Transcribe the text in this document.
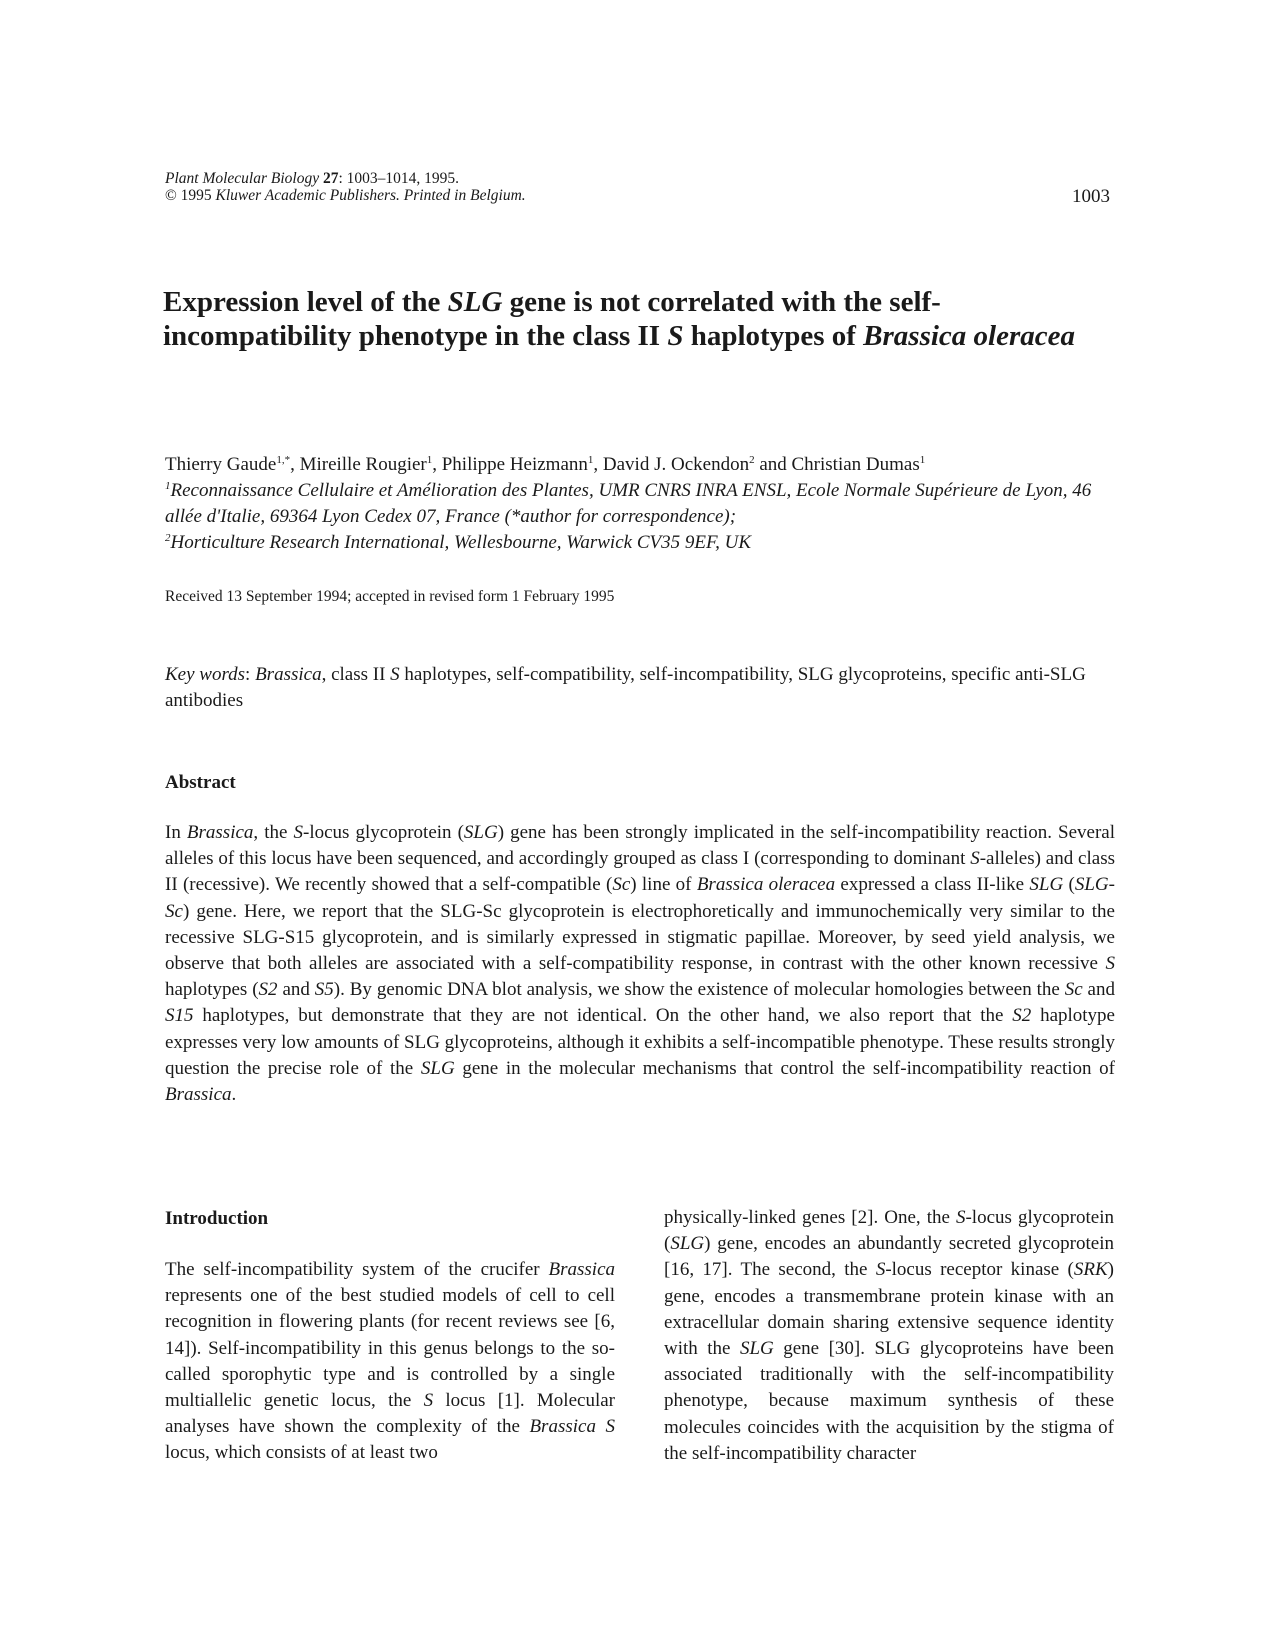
Plant Molecular Biology 27: 1003–1014, 1995.
© 1995 Kluwer Academic Publishers. Printed in Belgium.	1003
Expression level of the SLG gene is not correlated with the self-incompatibility phenotype in the class II S haplotypes of Brassica oleracea
Thierry Gaude$^{1,*}$, Mireille Rougier$^1$, Philippe Heizmann$^1$, David J. Ockendon$^2$ and Christian Dumas$^1$
$^1$Reconnaissance Cellulaire et Amélioration des Plantes, UMR CNRS INRA ENSL, Ecole Normale Supérieure de Lyon, 46 allée d'Italie, 69364 Lyon Cedex 07, France (*author for correspondence);
$^2$Horticulture Research International, Wellesbourne, Warwick CV35 9EF, UK
Received 13 September 1994; accepted in revised form 1 February 1995
Key words: Brassica, class II S haplotypes, self-compatibility, self-incompatibility, SLG glycoproteins, specific anti-SLG antibodies
Abstract

In Brassica, the S-locus glycoprotein (SLG) gene has been strongly implicated in the self-incompatibility reaction. Several alleles of this locus have been sequenced, and accordingly grouped as class I (corresponding to dominant S-alleles) and class II (recessive). We recently showed that a self-compatible (Sc) line of Brassica oleracea expressed a class II-like SLG (SLG-Sc) gene. Here, we report that the SLG-Sc glycoprotein is electrophoretically and immunochemically very similar to the recessive SLG-S15 glycoprotein, and is similarly expressed in stigmatic papillae. Moreover, by seed yield analysis, we observe that both alleles are associated with a self-compatibility response, in contrast with the other known recessive S haplotypes (S2 and S5). By genomic DNA blot analysis, we show the existence of molecular homologies between the Sc and S15 haplotypes, but demonstrate that they are not identical. On the other hand, we also report that the S2 haplotype expresses very low amounts of SLG glycoproteins, although it exhibits a self-incompatible phenotype. These results strongly question the precise role of the SLG gene in the molecular mechanisms that control the self-incompatibility reaction of Brassica.

Introduction

The self-incompatibility system of the crucifer Brassica represents one of the best studied models of cell to cell recognition in flowering plants (for recent reviews see [6, 14]). Self-incompatibility in this genus belongs to the so-called sporophytic type and is controlled by a single multiallelic genetic locus, the S locus [1]. Molecular analyses have shown the complexity of the Brassica S locus, which consists of at least two

physically-linked genes [2]. One, the S-locus glycoprotein (SLG) gene, encodes an abundantly secreted glycoprotein [16, 17]. The second, the S-locus receptor kinase (SRK) gene, encodes a transmembrane protein kinase with an extracellular domain sharing extensive sequence identity with the SLG gene [30]. SLG glycoproteins have been associated traditionally with the self-incompatibility phenotype, because maximum synthesis of these molecules coincides with the acquisition by the stigma of the self-incompatibility character
